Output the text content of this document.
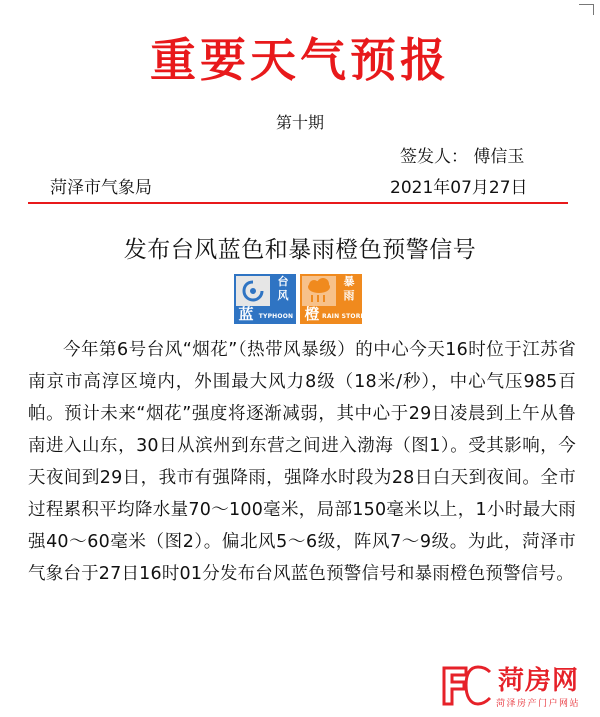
重要天气预报
第十期
签发人： 傅信玉
菏泽市气象局	2021年07月27日
发布台风蓝色和暴雨橙色预警信号
台
风
蓝 TYPHOON
暴
雨
橙 RAIN STORM

今年第6号台风“烟花”（热带风暴级）的中心今天16时位于江苏省南京市高淳区境内，外围最大风力8级（18米/秒），中心气压985百帕。预计未来“烟花”强度将逐渐减弱，其中心于29日凌晨到上午从鲁南进入山东，30日从滨州到东营之间进入渤海（图1）。受其影响，今天夜间到29日，我市有强降雨，强降水时段为28日白天到夜间。全市过程累积平均降水量70～100毫米，局部150毫米以上，1小时最大雨强40～60毫米（图2）。偏北风5～6级，阵风7～9级。为此，菏泽市气象台于27日16时01分发布台风蓝色预警信号和暴雨橙色预警信号。

菏房网
菏泽房产门户网站
